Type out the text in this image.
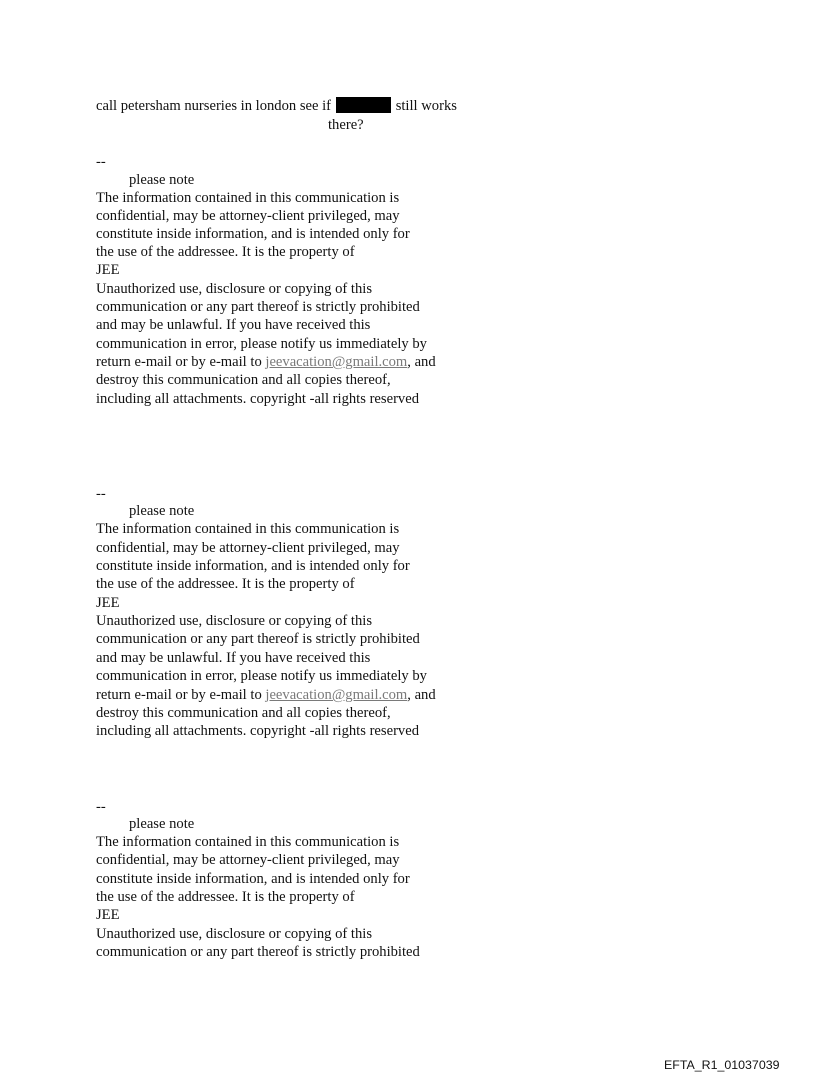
call petersham nurseries in london see if	still works
there?
--
please note
The information contained in this communication is
confidential, may be attorney-client privileged, may
constitute inside information, and is intended only for
the use of the addressee. It is the property of
JEE
Unauthorized use, disclosure or copying of this
communication or any part thereof is strictly prohibited
and may be unlawful. If you have received this
communication in error, please notify us immediately by
return e-mail or by e-mail to jeevacation@gmail.com, and
destroy this communication and all copies thereof,
including all attachments. copyright -all rights reserved
--
please note
The information contained in this communication is
confidential, may be attorney-client privileged, may
constitute inside information, and is intended only for
the use of the addressee. It is the property of
JEE
Unauthorized use, disclosure or copying of this
communication or any part thereof is strictly prohibited
and may be unlawful. If you have received this
communication in error, please notify us immediately by
return e-mail or by e-mail to jeevacation@gmail.com, and
destroy this communication and all copies thereof,
including all attachments. copyright -all rights reserved
--
please note
The information contained in this communication is
confidential, may be attorney-client privileged, may
constitute inside information, and is intended only for
the use of the addressee. It is the property of
JEE
Unauthorized use, disclosure or copying of this
communication or any part thereof is strictly prohibited
EFTA_R1_01037039
